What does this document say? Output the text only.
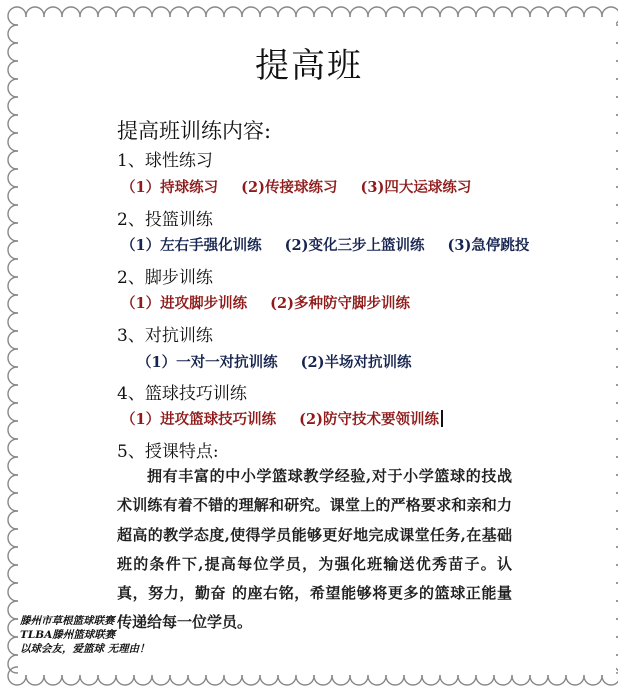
提高班
提高班训练内容:
1、球性练习
（1）持球练习 (2)传接球练习 (3)四大运球练习
2、投篮训练
（1）左右手强化训练 (2)变化三步上篮训练 (3)急停跳投
2、脚步训练
（1）进攻脚步训练 (2)多种防守脚步训练
3、对抗训练
（1）一对一对抗训练 (2)半场对抗训练
4、篮球技巧训练
（1）进攻篮球技巧训练 (2)防守技术要领训练
5、授课特点:
拥有丰富的中小学篮球教学经验,对于小学篮球的技战术训练有着不错的理解和研究。课堂上的严格要求和亲和力超高的教学态度,使得学员能够更好地完成课堂任务,在基础班的条件下,提高每位学员，为强化班输送优秀苗子。认真，努力，勤奋 的座右铭，希望能够将更多的篮球正能量传递给每一位学员。
滕州市草根篮球联赛
TLBA滕州篮球联赛
以球会友，爱篮球 无理由！
